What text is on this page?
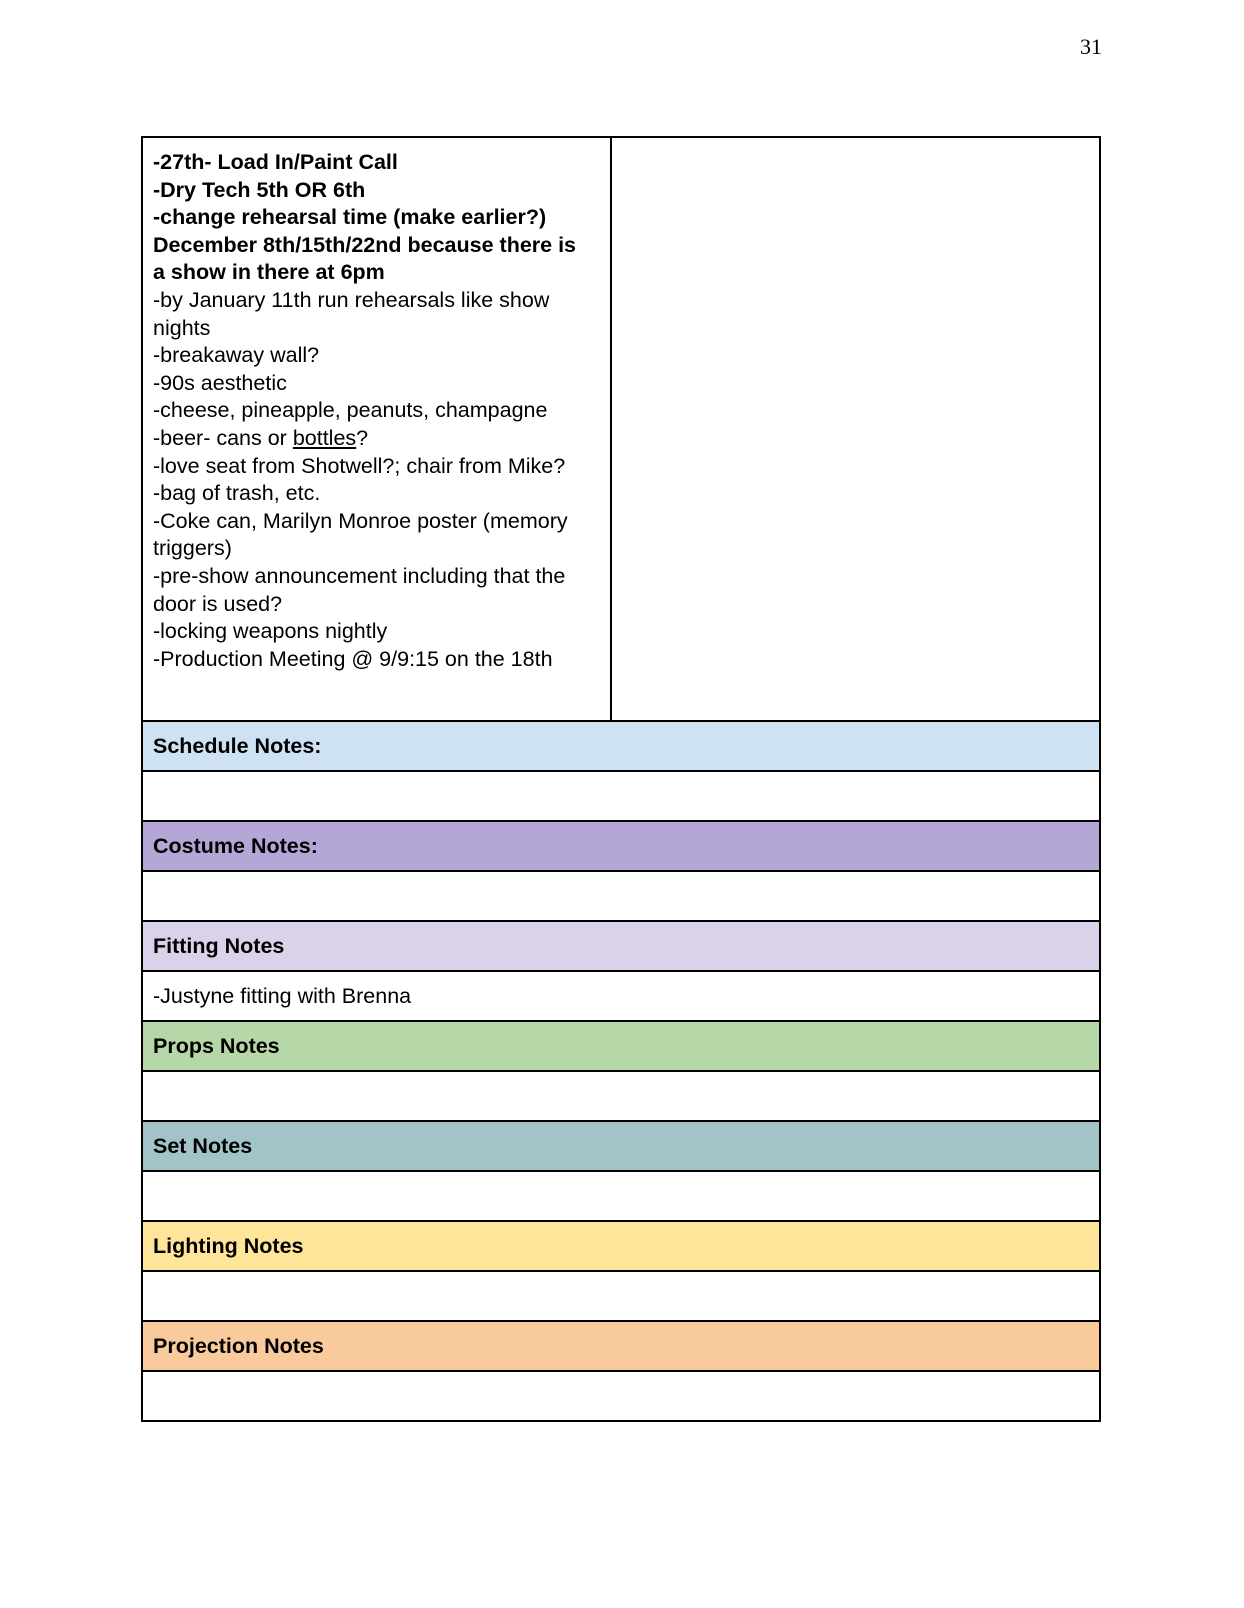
31
-27th- Load In/Paint Call
-Dry Tech 5th OR 6th
-change rehearsal time (make earlier?)
December 8th/15th/22nd because there is
a show in there at 6pm
-by January 11th run rehearsals like show
nights
-breakaway wall?
-90s aesthetic
-cheese, pineapple, peanuts, champagne
-beer- cans or bottles?
-love seat from Shotwell?; chair from Mike?
-bag of trash, etc.
-Coke can, Marilyn Monroe poster (memory
triggers)
-pre-show announcement including that the
door is used?
-locking weapons nightly
-Production Meeting @ 9/9:15 on the 18th

Schedule Notes:

Costume Notes:

Fitting Notes
-Justyne fitting with Brenna
Props Notes

Set Notes

Lighting Notes

Projection Notes
